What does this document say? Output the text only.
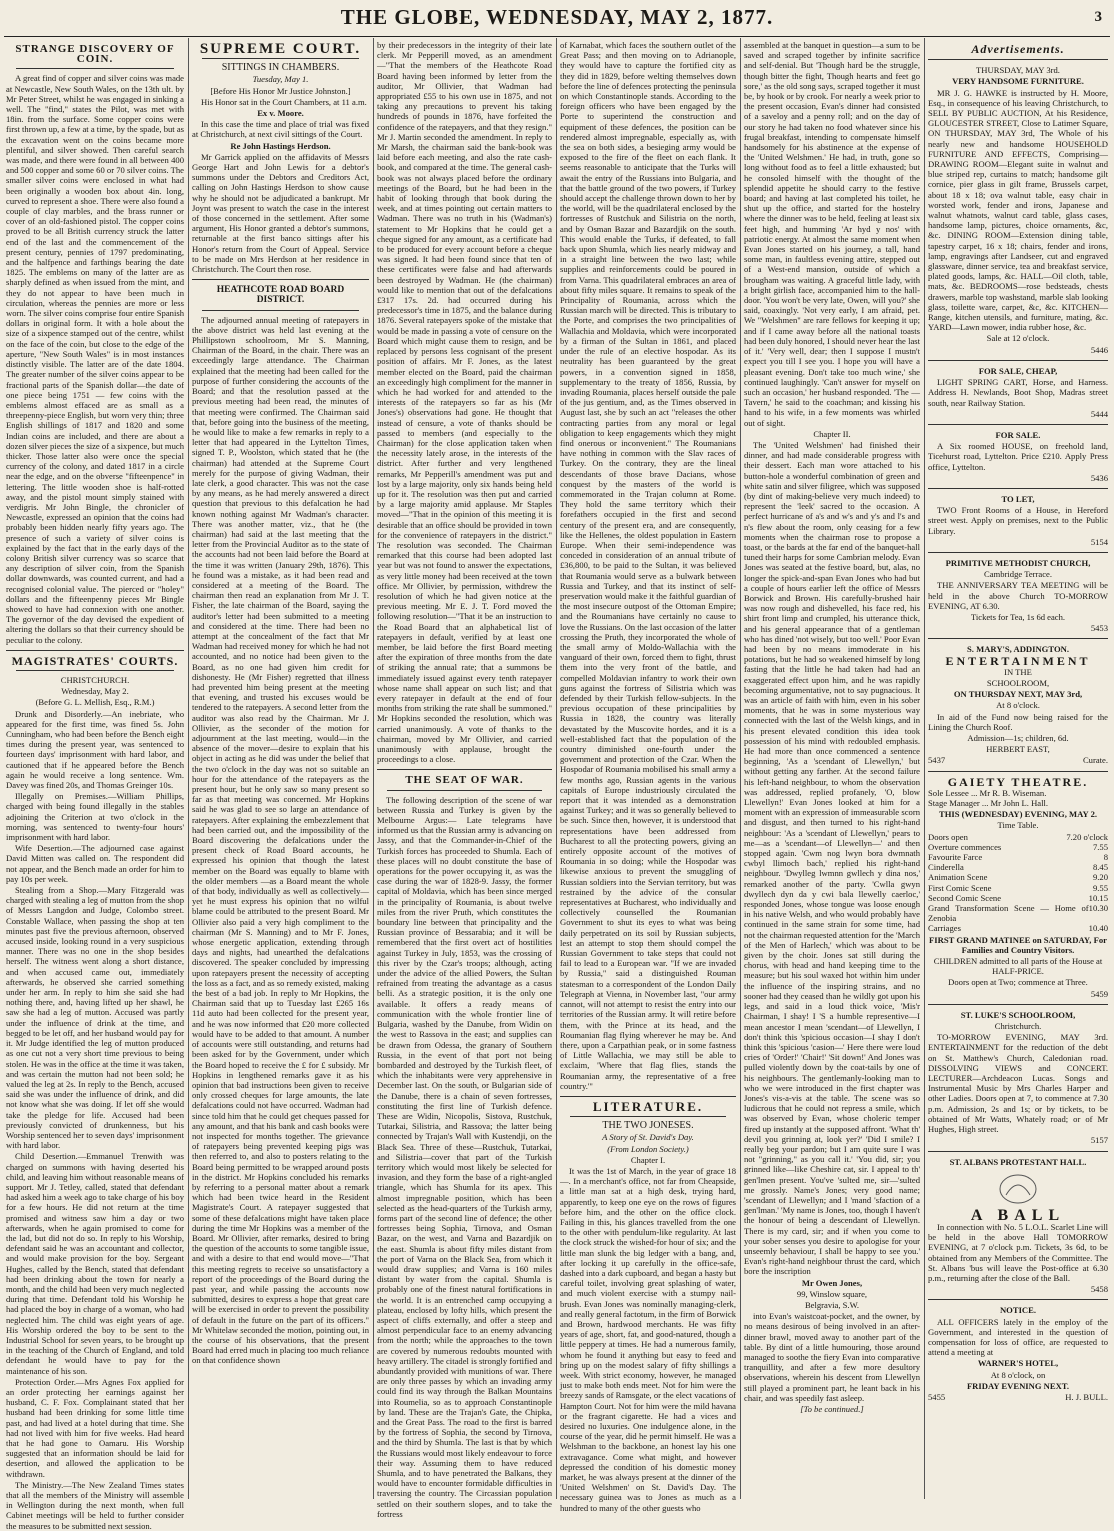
THE GLOBE, WEDNESDAY, MAY 2, 1877.	3
STRANGE DISCOVERY OF COIN.

A great find of copper and silver coins was made at Newcastle, New South Wales, on the 13th ult. by Mr Peter Street, whilst he was engaged in sinking a well. The "find," states the Pilot, was met with 18in. from the surface. Some copper coins were first thrown up, a few at a time, by the spade, but as the excavation went on the coins became more plentiful, and silver showed. Then careful search was made, and there were found in all between 400 and 500 copper and some 60 or 70 silver coins. The smaller silver coins were enclosed in what had been originally a wooden box about 4in. long, curved to represent a shoe. There were also found a couple of clay marbles, and the brass runner or cover of an old-fashioned pistol. The copper coins proved to be all British currency struck the latter end of the last and the commencement of the present century, pennies of 1797 predominating, and the halfpence and farthings bearing the date 1825. The emblems on many of the latter are as sharply defined as when issued from the mint, and they do not appear to have been much in circulation, whereas the pennies are more or less worn. The silver coins comprise four entire Spanish dollars in original form. It with a hole about the size of a sixpence stamped out of the centre, whilst on the face of the coin, but close to the edge of the aperture, "New South Wales" is in most instances distinctly visible. The latter are of the date 1804. The greater number of the silver coins appear to be fractional parts of the Spanish dollar—the date of one piece being 1751 — few coins with the emblems almost effaced are as small as a threepenny-piece English, but worn very thin; three English shillings of 1817 and 1820 and some Indian coins are included, and there are about a dozen silver pieces the size of a sixpence, but much thicker. Those latter also were once the special currency of the colony, and dated 1817 in a circle near the edge, and on the obverse "fifteenpence" in lettering. The little wooden shoe is half-rotted away, and the pistol mount simply stained with verdigris. Mr John Bingle, the chronicler of Newcastle, expressed an opinion that the coins had probably been hidden nearly fifty years ago. The presence of such a variety of silver coins is explained by the fact that in the early days of the colony British silver currency was so scarce that any description of silver coin, from the Spanish dollar downwards, was counted current, and had a recognised colonial value. The pierced or "holey" dollars and the fifteenpenny pieces Mr Bingle showed to have had connexion with one another. The governor of the day devised the expedient of altering the dollars so that their currency should be peculiar to the colony.

MAGISTRATES' COURTS.
CHRISTCHURCH.
Wednesday, May 2.
(Before G. L. Mellish, Esq., R.M.)

Drunk and Disorderly.—An inebriate, who appeared for the first time, was fined 5s. John Cunningham, who had been before the Bench eight times during the present year, was sentenced to fourteen days' imprisonment with hard labor, and cautioned that if he appeared before the Bench again he would receive a long sentence. Wm. Davey was fined 20s, and Thomas Greinger 10s.

Illegally on Premises.—William Phillips, charged with being found illegally in the stables adjoining the Criterion at two o'clock in the morning, was sentenced to twenty-four hours' imprisonment with hard labor.

Wife Desertion.—The adjourned case against David Mitten was called on. The respondent did not appear, and the Bench made an order for him to pay 10s per week.

Stealing from a Shop.—Mary Fitzgerald was charged with stealing a leg of mutton from the shop of Messrs Langdon and Judge, Colombo street. Constable Wallace, when passing the shop at ten minutes past five the previous afternoon, observed accused inside, looking round in a very suspicious manner. There was no one in the shop besides herself. The witness went along a short distance, and when accused came out, immediately afterwards, he observed she carried something under her arm. In reply to him she said she had nothing there, and, having lifted up her shawl, he saw she had a leg of mutton. Accused was partly under the influence of drink at the time, and begged to be let off, and her husband would pay for it. Mr Judge identified the leg of mutton produced as one cut not a very short time previous to being stolen. He was in the office at the time it was taken, and was certain the mutton had not been sold; he valued the leg at 2s. In reply to the Bench, accused said she was under the influence of drink, and did not know what she was doing. If let off she would take the pledge for life. Accused had been previously convicted of drunkenness, but his Worship sentenced her to seven days' imprisonment with hard labor.

Child Desertion.—Emmanuel Trenwith was charged on summons with having deserted his child, and leaving him without reasonable means of support. Mr J. Tetley, called, stated that defendant had asked him a week ago to take charge of his boy for a few hours. He did not return at the time promised and witness saw him a day or two afterwards, when he again promised to come for the lad, but did not do so. In reply to his Worship, defendant said he was an accountant and collector, and would make provision for the boy. Sergeant Hughes, called by the Bench, stated that defendant had been drinking about the town for nearly a month, and the child had been very much neglected during that time. Defendant told his Worship he had placed the boy in charge of a woman, who had neglected him. The child was eight years of age. His Worship ordered the boy to be sent to the Industrial School for seven years, to be brought up in the teaching of the Church of England, and told defendant he would have to pay for the maintenance of his son.

Protection Order.—Mrs Agnes Fox applied for an order protecting her earnings against her husband, C. F. Fox. Complainant stated that her husband had been drinking for some little time past, and had lived at a hotel during that time. She had not lived with him for five weeks. Had heard that he had gone to Oamaru. His Worship suggested that an information should be laid for desertion, and allowed the application to be withdrawn.

The Ministry.—The New Zealand Times states that all the members of the Ministry will assemble in Wellington during the next month, when full Cabinet meetings will be held to further consider the measures to be submitted next session.

SUPREME COURT.
SITTINGS IN CHAMBERS.
Tuesday, May 1.
[Before His Honor Mr Justice Johnston.]

His Honor sat in the Court Chambers, at 11 a.m.

Ex v. Moore.

In this case the time and place of trial was fixed at Christchurch, at next civil sittings of the Court.

Re John Hastings Herdson.

Mr Garrick applied on the affidavits of Messrs George Hart and John Lewis for a debtor's summons under the Debtors and Creditors Act, calling on John Hastings Herdson to show cause why he should not be adjudicated a bankrupt. Mr Joynt was present to watch the case in the interest of those concerned in the settlement. After some argument, His Honor granted a debtor's summons, returnable at the first banco sittings after his Honor's return from the Court of Appeal. Service to be made on Mrs Herdson at her residence in Christchurch. The Court then rose.

HEATHCOTE ROAD BOARD DISTRICT.

The adjourned annual meeting of ratepayers in the above district was held last evening at the Phillipstown schoolroom, Mr S. Manning, Chairman of the Board, in the chair. There was an exceedingly large attendance. The Chairman explained that the meeting had been called for the purpose of further considering the accounts of the Board; and that the resolution passed at the previous meeting had been read, the minutes of that meeting were confirmed. The Chairman said that, before going into the business of the meeting, he would like to make a few remarks in reply to a letter that had appeared in the Lyttelton Times, signed T. P., Woolston, which stated that he (the chairman) had attended at the Supreme Court merely for the purpose of giving Wadman, their late clerk, a good character. This was not the case by any means, as he had merely answered a direct question that previous to this defalcation he had known nothing against Mr Wadman's character. There was another matter, viz., that he (the chairman) had said at the last meeting that the letter from the Provincial Auditor as to the state of the accounts had not been laid before the Board at the time it was written (January 29th, 1876). This he found was a mistake, as it had been read and considered at a meeting of the Board. The chairman then read an explanation from Mr J. T. Fisher, the late chairman of the Board, saying the auditor's letter had been submitted to a meeting and considered at the time. There had been no attempt at the concealment of the fact that Mr Wadman had received money for which he had not accounted, and no notice had been given to the Board, as no one had given him credit for dishonesty. He (Mr Fisher) regretted that illness had prevented him being present at the meeting that evening, and trusted his excuses would be tendered to the ratepayers. A second letter from the auditor was also read by the Chairman. Mr J. Ollivier, as the seconder of the motion for adjournment at the last meeting, would—in the absence of the mover—desire to explain that his object in acting as he did was under the belief that the two o'clock in the day was not so suitable an hour for the attendance of the ratepayers as the present hour, but he only saw so many present so far as that meeting was concerned. Mr Hopkins said he was glad to see so large an attendance of ratepayers. After explaining the embezzlement that had been carried out, and the impossibility of the Board discovering the defalcations under the present check of Road Board accounts, he expressed his opinion that though the latest member on the Board was equally to blame with the older members —as a Board meant the whole of that body, individually as well as collectively—yet he must express his opinion that no wilful blame could be attributed to the present Board. Mr Ollivier also paid a very high compliment to the chairman (Mr S. Manning) and to Mr F. Jones, whose energetic application, extending through days and nights, had unearthed the defalcations discovered. The speaker concluded by impressing upon ratepayers present the necessity of accepting the loss as a fact, and as so remedy existed, making the best of a bad job. In reply to Mr Hopkins, the Chairman said that up to Tuesday last £265 16s 11d auto had been collected for the present year, and he was now informed that £20 more collected would have to be added to that amount. A number of accounts were still outstanding, and returns had been asked for by the Government, under which the Board hoped to receive the £ for £ subsidy. Mr Hopkins in lengthened remarks gave it as his opinion that bad instructions been given to receive only crossed cheques for large amounts, the late defalcations could not have occurred. Wadman had since told him that he could get cheques passed for any amount, and that his bank and cash books were not inspected for months together. The grievance of ratepayers being prevented keeping pigs was then referred to, and also to posters relating to the Board being permitted to be wrapped around posts in the district. Mr Hopkins concluded his remarks by referring to a personal matter about a remark which had been twice heard in the Resident Magistrate's Court. A ratepayer suggested that some of these defalcations might have taken place during the time Mr Hopkins was a member of the Board. Mr Ollivier, after remarks, desired to bring the question of the accounts to some tangible issue, and with a desire to that end would move—"That this meeting regrets to receive so unsatisfactory a report of the proceedings of the Board during the past year, and while passing the accounts now submitted, desires to express a hope that great care will be exercised in order to prevent the possibility of default in the future on the part of its officers." Mr Whitelaw seconded the motion, pointing out, in the course of his observations, that the present Board had erred much in placing too much reliance on that confidence shown

by their predecessors in the integrity of their late clerk. Mr Pepperill moved, as an amendment—"That the members of the Heathcote Road Board having been informed by letter from the auditor, Mr Ollivier, that Wadman had appropriated £55 to his own use in 1875, and not taking any precautions to prevent his taking hundreds of pounds in 1876, have forfeited the confidence of the ratepayers, and that they resign." Mr J. Martin seconded the amendment. In reply to Mr Marsh, the chairman said the bank-book was laid before each meeting, and also the rate cash-book, and compared at the time. The general cash-book was not always placed before the ordinary meetings of the Board, but he had been in the habit of looking through that book during the week, and at times pointing out certain matters to Wadman. There was no truth in his (Wadman's) statement to Mr Hopkins that he could get a cheque signed for any amount, as a certificate had to be produced for every account before a cheque was signed. It had been found since that ten of these certificates were false and had afterwards been destroyed by Wadman. He (the chairman) would like to mention that out of the defalcations £317 17s. 2d. had occurred during his predecessor's time in 1875, and the balance during 1876. Several ratepayers spoke of the mistake that would be made in passing a vote of censure on the Board which might cause them to resign, and be replaced by persons less cognisant of the present position of affairs. Mr F. Jones, as the latest member elected on the Board, paid the chairman an exceedingly high compliment for the manner in which he had worked for and attended to the interests of the ratepayers so far as his (Mr Jones's) observations had gone. He thought that instead of censure, a vote of thanks should be passed to members (and especially to the Chairman) for the close application taken when the necessity lately arose, in the interests of the district. After further and very lengthened remarks, Mr Pepperill's amendment was put and lost by a large majority, only six hands being held up for it. The resolution was then put and carried by a large majority amid applause. Mr Staples moved—"That in the opinion of this meeting it is desirable that an office should be provided in town for the convenience of ratepayers in the district." The resolution was seconded. The Chairman remarked that this course had been adopted last year but was not found to answer the expectations, as very little money had been received at the town office. Mr Ollivier, by permission, withdrew the resolution of which he had given notice at the previous meeting. Mr E. J. T. Ford moved the following resolution—"That it be an instruction to the Road Board that an alphabetical list of ratepayers in default, verified by at least one member, be laid before the first Board meeting after the expiration of three months from the date of striking the annual rate; that a summons be immediately issued against every tenth ratepayer whose name shall appear on such list; and that every ratepayer in default at the end of four months from striking the rate shall be summoned." Mr Hopkins seconded the resolution, which was carried unanimously. A vote of thanks to the chairman, moved by Mr Ollivier, and carried unanimously with applause, brought the proceedings to a close.

THE SEAT OF WAR.

The following description of the scene of war between Russia and Turkey is given by the Melbourne Argus:— Late telegrams have informed us that the Russian army is advancing on Jassy, and that the Commander-in-Chief of the Turkish forces has proceeded to Shumla. Each of these places will no doubt constitute the base of operations for the power occupying it, as was the case during the war of 1828-9. Jassy, the former capital of Moldavia, which has been since merged in the principality of Roumania, is about twelve miles from the river Pruth, which constitutes the boundary line between that principality and the Russian province of Bessarabia; and it will be remembered that the first overt act of hostilities against Turkey in July, 1853, was the crossing of this river by the Czar's troops; although, acting under the advice of the allied Powers, the Sultan refrained from treating the advantage as a casus belli. As a strategic position, it is the only one available. It offers a ready means of communication with the whole frontier line of Bulgaria, washed by the Danube, from Widin on the west to Rassova in the east; and supplies can be drawn from Odessa, the granary of Southern Russia, in the event of that port not being bombarded and destroyed by the Turkish fleet, of which the inhabitants were very apprehensive in December last. On the south, or Bulgarian side of the Danube, there is a chain of seven fortresses, constituting the first line of Turkish defence. These are Widin, Nicopolis, Sistova, Rustchuk, Tutarkai, Silistria, and Rassova; the latter being connected by Trajan's Wall with Kustendji, on the Black Sea. Three of these—Rustchuk, Tutarkai, and Silistria—cover that part of the Turkish territory which would most likely be selected for invasion, and they form the base of a right-angled triangle, which has Shumla for its apex. This almost impregnable position, which has been selected as the head-quarters of the Turkish army, forms part of the second line of defence; the other fortresses being Sophia, Tirnova, and Osman Bazar, on the west, and Varna and Bazardjik on the east. Shumla is about fifty miles distant from the port of Varna on the Black Sea, from which it would draw supplies; and Varna is 160 miles distant by water from the capital. Shumla is probably one of the finest natural fortifications in the world. It is an entrenched camp occupying a plateau, enclosed by lofty hills, which present the aspect of cliffs externally, and offer a steep and almost perpendicular face to an enemy advancing from the north; while the approaches to the town are covered by numerous redoubts mounted with heavy artillery. The citadel is strongly fortified and abundantly provided with munitions of war. There are only three passes by which an invading army could find its way through the Balkan Mountains into Roumelia, so as to approach Constantinople by land. These are the Trajan's Gate, the Chipka, and the Great Pass. The road to the first is barred by the fortress of Sophia, the second by Tirnova, and the third by Shumla. The last is that by which the Russians would most likely endeavour to force their way. Assuming them to have reduced Shumla, and to have penetrated the Balkans, they would have to encounter formidable difficulties in traversing the country. The Circassian population settled on their southern slopes, and to take the fortress

of Karnabat, which faces the southern outlet of the Great Pass; and then moving on to Adrianople, they would have to capture the fortified city as they did in 1829, before welting themselves down before the line of defences protecting the peninsula on which Constantinople stands. According to the foreign officers who have been engaged by the Porte to superintend the construction and equipment of these defences, the position can be rendered almost impregnable, especially as, with the sea on both sides, a besieging army would be exposed to the fire of the fleet on each flank. It seems reasonable to anticipate that the Turks will await the entry of the Russians into Bulgaria, and that the battle ground of the two powers, if Turkey should accept the challenge thrown down to her by the world, will be the quadrilateral enclosed by the fortresses of Rustchuk and Silistria on the north, and by Osman Bazar and Bazardjik on the south. This would enable the Turks, if defeated, to fall back upon Shumla, which lies nearly midway and in a straight line between the two last; while supplies and reinforcements could be poured in from Varna. This quadrilateral embraces an area of about fifty miles square. It remains to speak of the Principality of Roumania, across which the Russian march will be directed. This is tributary to the Porte, and comprises the two principalities of Wallachia and Moldavia, which were incorporated by a firman of the Sultan in 1861, and placed under the rule of an elective hospodar. As its neutrality has been guaranteed by the great powers, in a convention signed in 1858, supplementary to the treaty of 1856, Russia, by invading Roumania, places herself outside the pale of the jus gentium, and, as the Times observed in August last, she by such an act "releases the other contracting parties from any moral or legal obligation to keep engagements which they might find onerous or inconvenient." The Roumanians have nothing in common with the Slav races of Turkey. On the contrary, they are the lineal descendants of those brave Dacians, whose conquest by the masters of the world is commemorated in the Trajan column at Rome. They hold the same territory which their forefathers occupied in the first and second century of the present era, and are consequently, like the Hellenes, the oldest population in Eastern Europe. When their semi-independence was conceded in consideration of an annual tribute of £36,800, to be paid to the Sultan, it was believed that Roumania would serve as a bulwark between Russia and Turkey, and that its instinct of self-preservation would make it the faithful guardian of the most insecure outpost of the Ottoman Empire; and the Roumanians have certainly no cause to love the Russians. On the last occasion of the latter crossing the Pruth, they incorporated the whole of the small army of Moldo-Wallachia with the vanguard of their own, forced them to fight, thrust them into the very front of the battle, and compelled Moldavian infantry to work their own guns against the fortress of Silistria which was defended by their Turkish fellow-subjects. In the previous occupation of these principalities by Russia in 1828, the country was literally devastated by the Muscovite hordes, and it is a well-established fact that the population of the country diminished one-fourth under the government and protection of the Czar. When the Hospodar of Roumania mobilised his small army a few months ago, Russian agents in the various capitals of Europe industriously circulated the report that it was intended as a demonstration against Turkey; and it was so generally believed to be such. Since then, however, it is understood that representations have been addressed from Bucharest to all the protecting powers, giving an entirely opposite account of the motives of Roumania in so doing; while the Hospodar was likewise anxious to prevent the smuggling of Russian soldiers into the Servian territory, but was restrained by the advice of the consular representatives at Bucharest, who individually and collectively counselled the Roumanian Government to shut its eyes to what was being daily perpetrated on its soil by Russian subjects, lest an attempt to stop them should compel the Russian Government to take steps that could not fail to lead to a European war. "If we are invaded by Russia," said a distinguished Rouman statesman to a correspondent of the London Daily Telegraph at Vienna, in November last, "our army cannot, will not attempt to resist the entry into our territories of the Russian army. It will retire before them, with the Prince at its head, and the Roumanian flag flying wherever he may be. And there, upon a Carpathian peak, or in some fastness of Little Wallachia, we may still be able to exclaim, 'Where that flag flies, stands the Roumanian army, the representative of a free country.'"

LITERATURE.
THE TWO JONESES.
A Story of St. David's Day.
(From London Society.)
Chapter I.

It was the 1st of March, in the year of grace 18—. In a merchant's office, not far from Cheapside, a little man sat at a high desk, trying hard, apparently, to keep one eye on the rows of figures before him, and the other on the office clock. Failing in this, his glances travelled from the one to the other with pendulum-like regularity. At last the clock struck the wished-for hour of six; and the little man slunk the big ledger with a bang, and, after locking it up carefully in the office-safe, dashed into a dark cupboard, and began a hasty but careful toilet, involving great splashing of water, and much violent exercise with a stumpy nail-brush. Evan Jones was nominally managing-clerk, and really general factotum, in the firm of Borwick and Brown, hardwood merchants. He was fifty years of age, short, fat, and good-natured, though a little peppery at times. He had a numerous family, whom he found it anything but easy to feed and bring up on the modest salary of fifty shillings a week. With strict economy, however, he managed just to make both ends meet. Not for him were the breezy sands of Ramsgate, or the elect vacations of Hampton Court. Not for him were the mild havana or the fragrant cigarette. He had a vices and desired no luxuries. One indulgence alone, in the course of the year, did he permit himself. He was a Welshman to the backbone, an honest lay his one extravagance. Come what might, and however depressed the condition of his domestic money market, he was always present at the dinner of the 'United Welshmen' on St. David's Day. The necessary guinea was to Jones as much as a hundred to many of the other guests who

assembled at the banquet in question—a sum to be saved and scraped together by infinite sacrifice and self-denial. But 'Though hard be the struggle, though bitter the fight, Though hearts and feet go sore,' as the old song says, scraped together it must be, by hook or by crook. For nearly a week prior to the present occasion, Evan's dinner had consisted of a saveloy and a penny roll; and on the day of our story he had taken no food whatever since his frugal breakfast, intending to compensate himself handsomely for his abstinence at the expense of the 'United Welshmen.' He had, in truth, gone so long without food as to feel a little exhausted; but he consoled himself with the thought of the splendid appetite he should carry to the festive board; and having at last completed his toilet, he shut up the office, and started for the hostelry where the dinner was to be held, feeling at least six feet high, and humming 'Ar hyd y nos' with patriotic energy. At almost the same moment when Evan Jones started on his journey, a tall, hand some man, in faultless evening attire, stepped out of a West-end mansion, outside of which a brougham was waiting. A graceful little lady, with a bright girlish face, accompanied him to the hall-door. 'You won't be very late, Owen, will you?' she said, coaxingly. 'Not very early, I am afraid, pet. We "Welshmen" are rare fellows for keeping it up; and if I came away before all the national toasts had been duly honored, I should never hear the last of it.' 'Very well, dear; then I suppose I mustn't expect you till I see you. I hope you will have a pleasant evening. Don't take too much wine,' she continued laughingly. 'Can't answer for myself on such an occasion,' her husband responded. 'The — Tavern,' he said to the coachman; and kissing his hand to his wife, in a few moments was whirled out of sight.

Chapter II.

The 'United Welshmen' had finished their dinner, and had made considerable progress with their dessert. Each man wore attached to his button-hole a wonderful combination of green and white satin and silver filigree, which was supposed (by dint of making-believe very much indeed) to represent the 'leek' sacred to the occasion. A perfect hurricane of a's and w's and y's and l's and n's flew about the room, only ceasing for a few moments when the chairman rose to propose a toast, or the bards at the far end of the banquet-hall tuned their harps for some Cambrian melody. Evan Jones was seated at the festive board, but, alas, no longer the spick-and-span Evan Jones who had but a couple of hours earlier left the office of Messrs Borwick and Brown. His carefully-brushed hair was now rough and dishevelled, his face red, his shirt front limp and crumpled, his utterance thick, and his general appearance that of a gentleman who has dined 'not wisely, but too well.' Poor Evan had been by no means immoderate in his potations, but he had so weakened himself by long fasting that the little he had taken had had an exaggerated effect upon him, and he was rapidly becoming argumentative, not to say pugnacious. It was an article of faith with him, even in his sober moments, that he was in some mysterious way connected with the last of the Welsh kings, and in his present elevated condition this idea took possession of his mind with redoubled emphasis. He had more than once commenced a sentence beginning, 'As a 'scendant of Llewellyn,' but without getting any farther. At the second failure his left-hand neighbour, to whom the observation was addressed, replied profanely, 'O, blow Llewellyn!' Evan Jones looked at him for a moment with an expression of immeasurable scorn and disgust, and then turned to his right-hand neighbour: 'As a 'scendant of Llewellyn,' pears to me—as a 'scendant—of Llewellyn—' and then stopped again. 'Cwm nog lwyn bora dwmnath cwbyl llimoch bach,' replied his right-hand neighbour. 'Dwylleg lwmnn gwllech y dina nos,' remarked another of the party. 'Cwlla gwyn dwyllech dyn da y cwi bala llewelly caerloc,' responded Jones, whose tongue was loose enough in his native Welsh, and who would probably have continued in the same strain for some time, had not the chairman requested attention for the 'March of the Men of Harlech,' which was about to be given by the choir. Jones sat still during the chorus, with head and hand keeping time to the measure; but his soul waxed hot within him under the influence of the inspiring strains, and no sooner had they ceased than he wildly got upon his legs, and said in a loud thick voice, 'Mis'r Chairman, I shay! I 'S a humble representive—I mean ancestor I mean 'scendant—of Llewellyn, I don't think this 'spicious occasion—I shay I don't think this 'spicious 'casion—' Here there were loud cries of 'Order!' 'Chair!' 'Sit down!' And Jones was pulled violently down by the coat-tails by one of his neighbours. The gentlemanly-looking man to who we were introduced in the first chapter was Jones's vis-a-vis at the table. The scene was so ludicrous that he could not repress a smile, which was observed by Evan, whose choleric temper fired up instantly at the supposed affront. 'What th' devil you grinning at, look yer?' 'Did I smile? I really beg your pardon; but I am quite sure I was not "grinning," as you call it.' 'You did, sir; you grinned like—like Cheshire cat, sir. I appeal to th' gen'lmen present. You've 'sulted me, sir—'sulted me grossly. Name's Jones; very good name; 'scendant of Llewellyn; and I 'mand 'sfaction of a gen'lman.' 'My name is Jones, too, though I haven't the honour of being a descendant of Llewellyn. There is my card, sir; and if when you come to your sober senses you desire to apologise for your unseemly behaviour, I shall be happy to see you.' Evan's right-hand neighbour thrust the card, which bore the inscription

Mr Owen Jones,
99, Winslow square,
Belgravia, S.W.

into Evan's waistcoat-pocket, and the owner, by no means desirous of being involved in an after-dinner brawl, moved away to another part of the table. By dint of a little humouring, those around managed to soothe the fiery Evan into comparative tranquillity, and after a few more desultory observations, wherein his descent from Llewellyn still played a prominent part, he leant back in his chair, and was speedily fast asleep.

[To be continued.]
Advertisements.
THURSDAY, MAY 3rd.
VERY HANDSOME FURNITURE.

MR J. G. HAWKE is instructed by H. Moore, Esq., in consequence of his leaving Christchurch, to SELL BY PUBLIC AUCTION, At his Residence, GLOUCESTER STREET, Close to Latimer Square, ON THURSDAY, MAY 3rd, The Whole of his nearly new and handsome HOUSEHOLD FURNITURE AND EFFECTS, Comprising— DRAWING ROOM—Elegant suite in walnut and blue striped rep, curtains to match; handsome gilt cornice, pier glass in gilt frame, Brussels carpet, about 18 x 18; ova walnut table, easy chair in worsted work, fender and irons, Japanese and walnut whatnots, walnut card table, glass cases, handsome lamp, pictures, choice ornaments, &c, &c. DINING ROOM—Extension dining table, tapestry carpet, 16 x 18; chairs, fender and irons, lamp, engravings after Landseer, cut and engraved glassware, dinner service, tea and breakfast service, plated goods, lamps, &c. HALL—Oil cloth, table, mats, &c. BEDROOMS—rose bedsteads, chests drawers, marble top washstand, marble slab looking glass, toilette ware, carpet, &c, &c. KITCHEN—Range, kitchen utensils, and furniture, mating, &c. YARD—Lawn mower, india rubber hose, &c.

Sale at 12 o'clock.
5446
FOR SALE, CHEAP,

LIGHT SPRING CART, Horse, and Harness. Address H. Newlands, Boot Shop, Madras street south, near Railway Station.

5444
FOR SALE.

A Six roomed HOUSE, on freehold land, Ticehurst road, Lyttelton. Price £210. Apply Press office, Lyttelton.

5436
TO LET,

TWO Front Rooms of a House, in Hereford street west. Apply on premises, next to the Public Library.

5154
PRIMITIVE METHODIST CHURCH,
Cambridge Terrace.

THE ANNIVERSARY TEA MEETING will be held in the above Church TO-MORROW EVENING, AT 6.30.

Tickets for Tea, 1s 6d each.
5453
S. MARY'S, ADDINGTON.
ENTERTAINMENT
IN THE
SCHOOLROOM,
ON THURSDAY NEXT, MAY 3rd,
At 8 o'clock.

In aid of the Fund now being raised for the Lining the Church Roof.

Admission—1s; children, 6d.
HERBERT EAST,
5437	Curate.
GAIETY THEATRE.
Sole Lessee ... Mr R. B. Wiseman.
Stage Manager ... Mr John L. Hall.
THIS (WEDNESDAY) EVENING, MAY 2.
Time Table.
Doors open	7.20 o'clock
Overture commences	7.55
Favourite Farce	8
Cinderella	8.45
Animation Scene	9.20
First Comic Scene	9.55
Second Comic Scene	10.15
Grand Transformation Scene — Home of Zenobia
10.30
Carriages	10.40
FIRST GRAND MATINEE on SATURDAY, For Families and Country Visitors.
CHILDREN admitted to all parts of the House at HALF-PRICE.
Doors open at Two; commence at Three.
5459
ST. LUKE'S SCHOOLROOM,
Christchurch.

TO-MORROW EVENING, MAY 3rd. ENTERTAINMENT for the reduction of the debt on St. Matthew's Church, Caledonian road. DISSOLVING VIEWS and CONCERT. LECTURER—Archdeacon Lucas. Songs and Instrumental Music by Mrs Charles Harper and other Ladies. Doors open at 7, to commence at 7.30 p.m. Admission, 2s and 1s; or by tickets, to be obtained of Mr Watts, Whately road; or of Mr Hughes, High street.

5157
ST. ALBANS PROTESTANT HALL.
A BALL

In connection with No. 5 L.O.L. Scarlet Line will be held in the above Hall TOMORROW EVENING, at 7 o'clock p.m. Tickets, 3s 6d, to be obtained from any Members of the Committee. The St. Albans 'bus will leave the Post-office at 6.30 p.m., returning after the close of the Ball.

5458
NOTICE.

ALL OFFICERS lately in the employ of the Government, and interested in the question of compensation for loss of office, are requested to attend a meeting at

WARNER'S HOTEL,
At 8 o'clock, on
FRIDAY EVENING NEXT.
5455	H. J. BULL.
